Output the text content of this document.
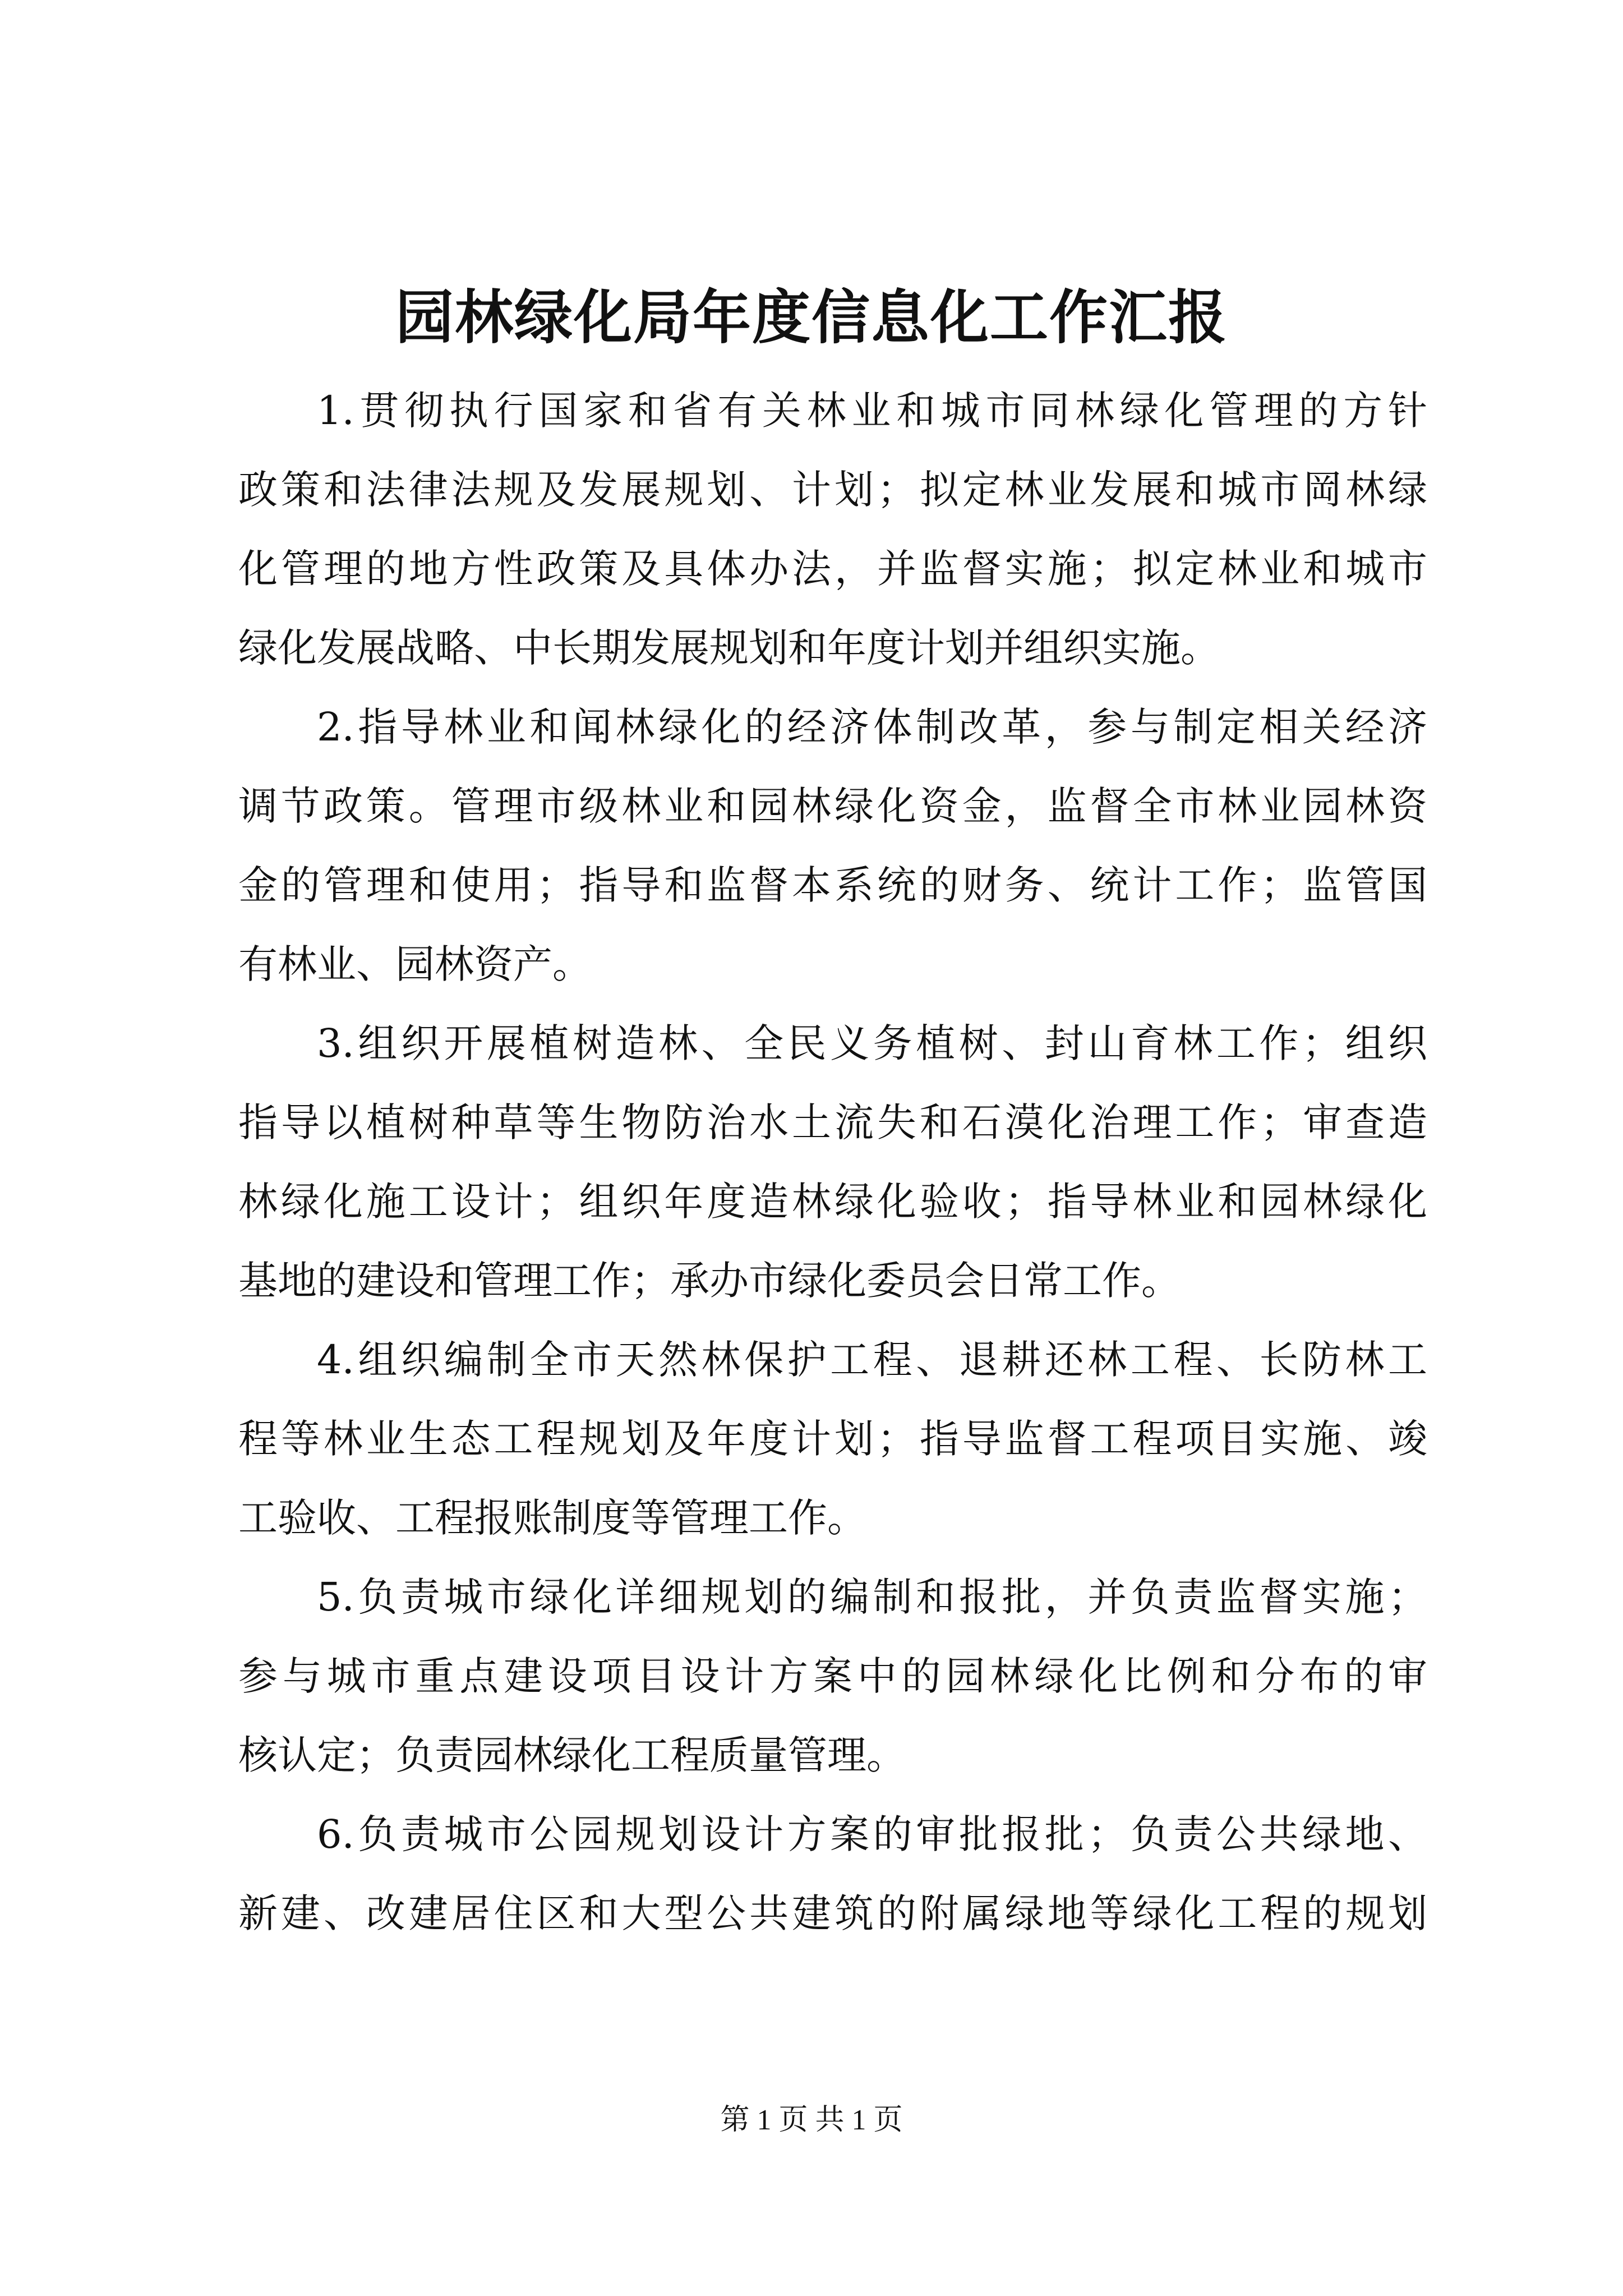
园林绿化局年度信息化工作汇报
1.贯彻执行国家和省有关林业和城市同林绿化管理的方针
政策和法律法规及发展规划、计划；拟定林业发展和城市岡林绿
化管理的地方性政策及具体办法，并监督实施；拟定林业和城市
绿化发展战略、中长期发展规划和年度计划并组织实施。
2.指导林业和闻林绿化的经济体制改革，参与制定相关经济
调节政策。管理市级林业和园林绿化资金，监督全市林业园林资
金的管理和使用；指导和监督本系统的财务、统计工作；监管国
有林业、园林资产。
3.组织开展植树造林、全民义务植树、封山育林工作；组织
指导以植树种草等生物防治水土流失和石漠化治理工作；审查造
林绿化施工设计；组织年度造林绿化验收；指导林业和园林绿化
基地的建设和管理工作；承办市绿化委员会日常工作。
4.组织编制全市天然林保护工程、退耕还林工程、长防林工
程等林业生态工程规划及年度计划；指导监督工程项目实施、竣
工验收、工程报账制度等管理工作。
5.负责城市绿化详细规划的编制和报批，并负责监督实施；
参与城市重点建设项目设计方案中的园林绿化比例和分布的审
核认定；负责园林绿化工程质量管理。
6.负责城市公园规划设计方案的审批报批；负责公共绿地、
新建、改建居住区和大型公共建筑的附属绿地等绿化工程的规划
第 1 页 共 1 页
